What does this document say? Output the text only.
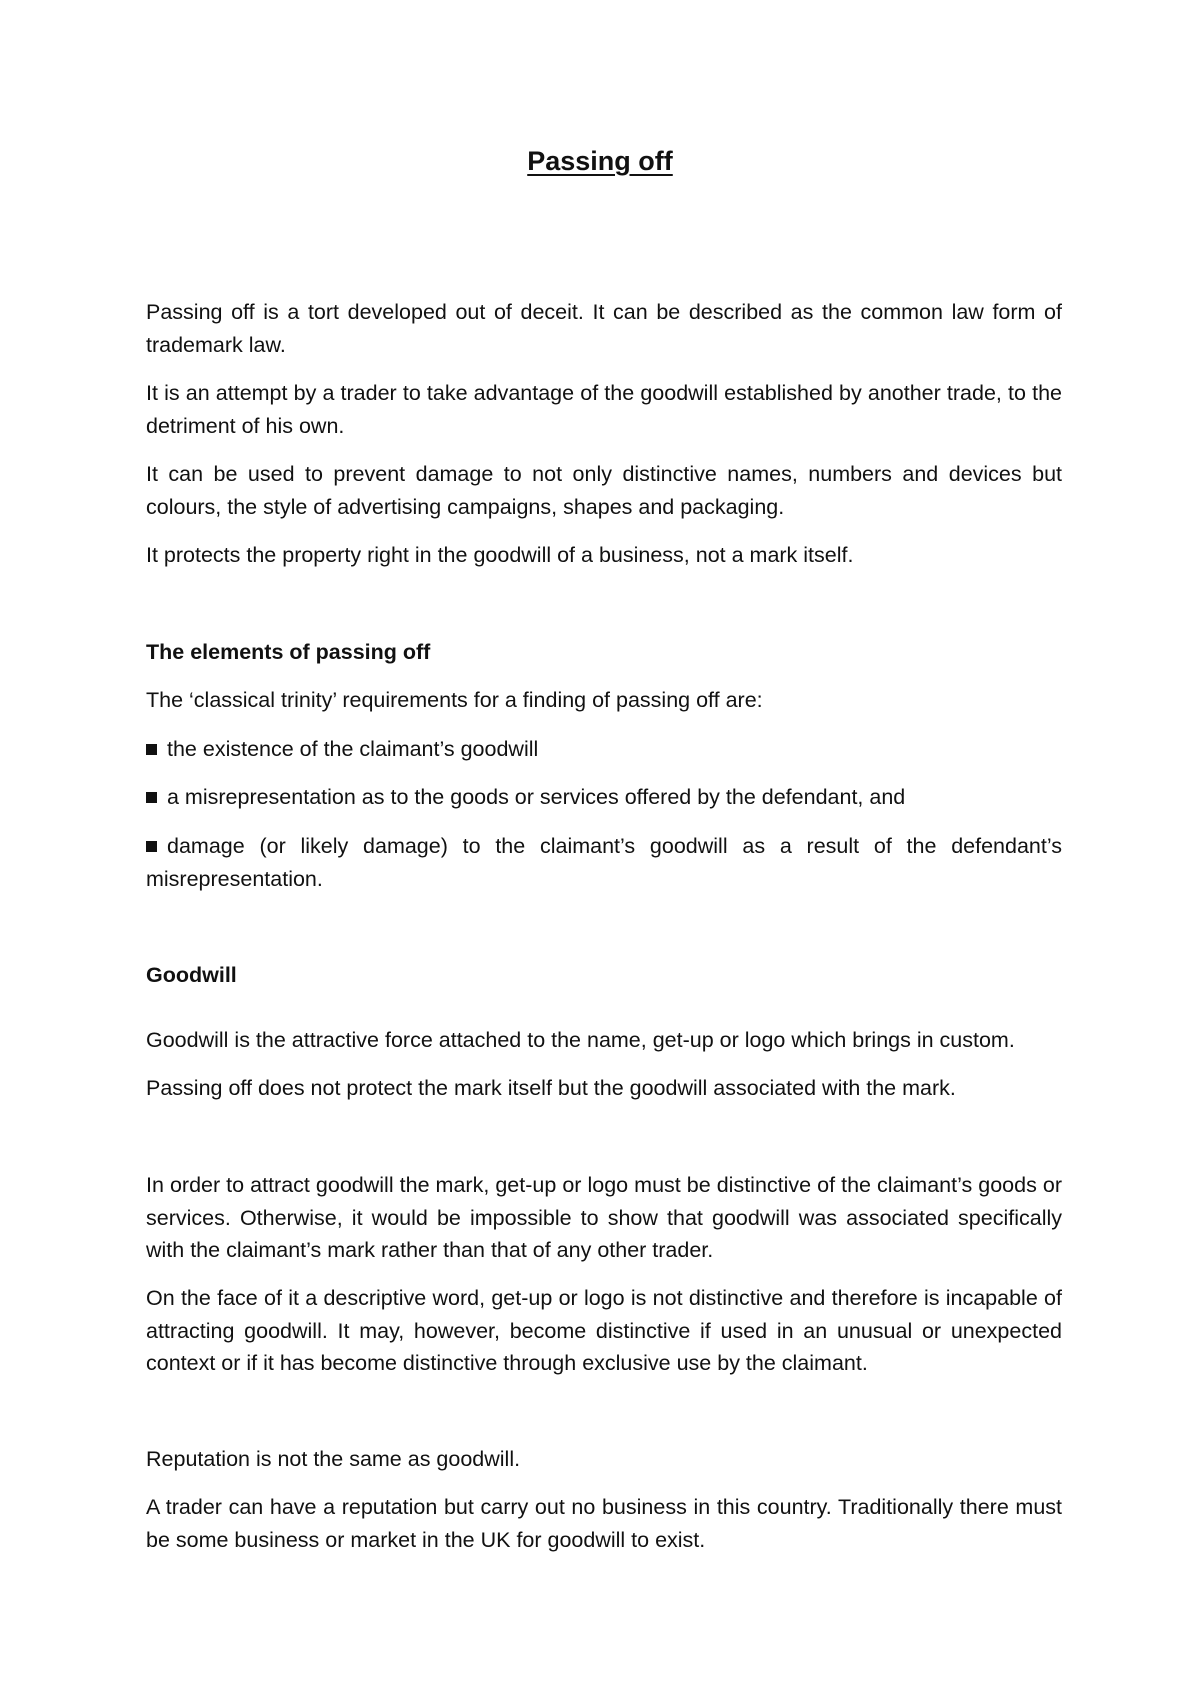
Passing off

Passing off is a tort developed out of deceit. It can be described as the common law form of trademark law.

It is an attempt by a trader to take advantage of the goodwill established by another trade, to the detriment of his own.

It can be used to prevent damage to not only distinctive names, numbers and devices but colours, the style of advertising campaigns, shapes and packaging.

It protects the property right in the goodwill of a business, not a mark itself.

The elements of passing off

The ‘classical trinity’ requirements for a finding of passing off are:

the existence of the claimant’s goodwill

a misrepresentation as to the goods or services offered by the defendant, and

damage (or likely damage) to the claimant’s goodwill as a result of the defendant’s misrepresentation.

Goodwill

Goodwill is the attractive force attached to the name, get-up or logo which brings in custom.

Passing off does not protect the mark itself but the goodwill associated with the mark.

In order to attract goodwill the mark, get-up or logo must be distinctive of the claimant’s goods or services. Otherwise, it would be impossible to show that goodwill was associated specifically with the claimant’s mark rather than that of any other trader.

On the face of it a descriptive word, get-up or logo is not distinctive and therefore is incapable of attracting goodwill. It may, however, become distinctive if used in an unusual or unexpected context or if it has become distinctive through exclusive use by the claimant.

Reputation is not the same as goodwill.

A trader can have a reputation but carry out no business in this country. Traditionally there must be some business or market in the UK for goodwill to exist.
